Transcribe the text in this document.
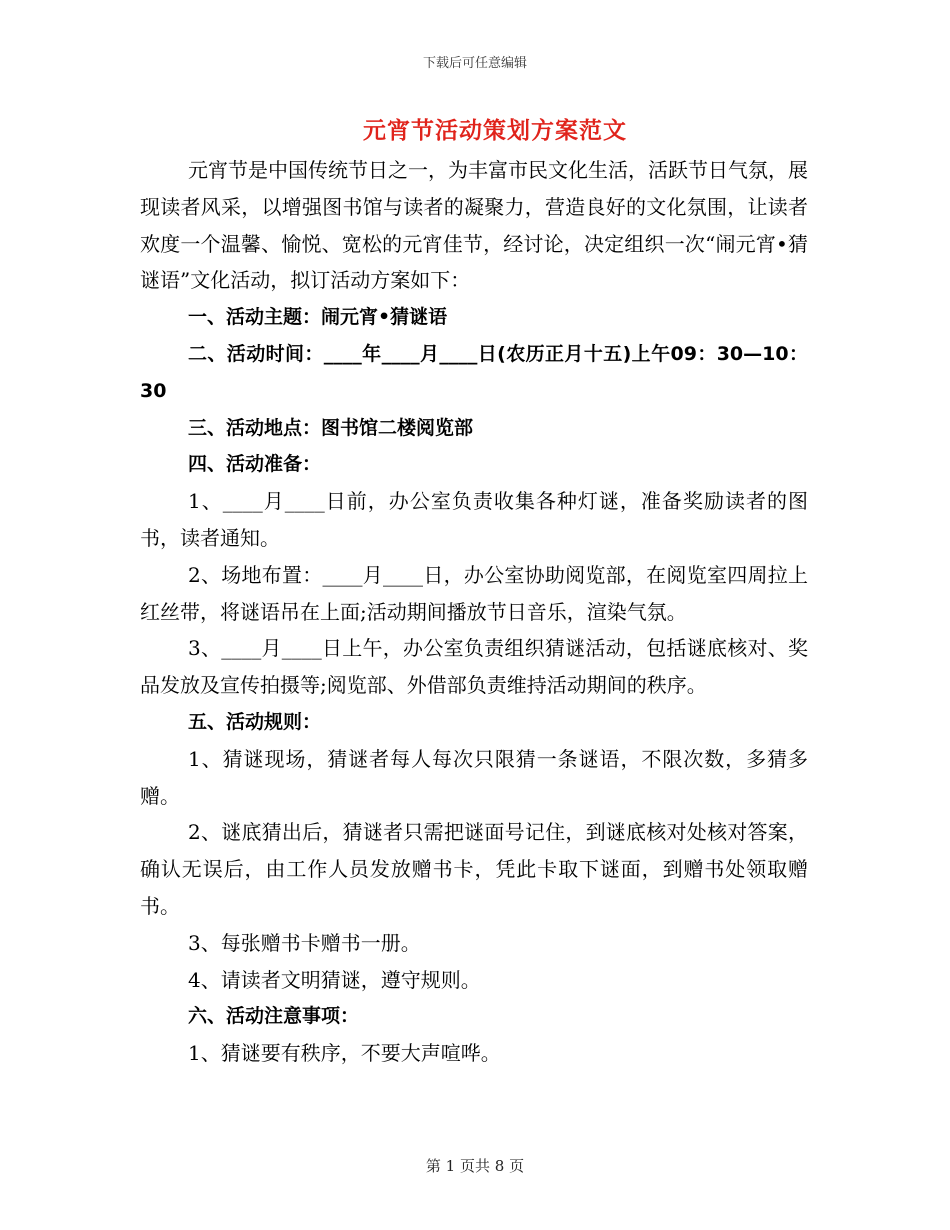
下载后可任意编辑
元宵节活动策划方案范文

元宵节是中国传统节日之一，为丰富市民文化生活，活跃节日气氛，展现读者风采，以增强图书馆与读者的凝聚力，营造良好的文化氛围，让读者欢度一个温馨、愉悦、宽松的元宵佳节，经讨论，决定组织一次“闹元宵•猜谜语”文化活动，拟订活动方案如下：

一、活动主题：闹元宵•猜谜语

二、活动时间：____年____月____日(农历正月十五)上午09：30—10：30

三、活动地点：图书馆二楼阅览部

四、活动准备：

1、____月____日前，办公室负责收集各种灯谜，准备奖励读者的图书，读者通知。

2、场地布置：____月____日，办公室协助阅览部，在阅览室四周拉上红丝带，将谜语吊在上面;活动期间播放节日音乐，渲染气氛。

3、____月____日上午，办公室负责组织猜谜活动，包括谜底核对、奖品发放及宣传拍摄等;阅览部、外借部负责维持活动期间的秩序。

五、活动规则：

1、猜谜现场，猜谜者每人每次只限猜一条谜语，不限次数，多猜多赠。

2、谜底猜出后，猜谜者只需把谜面号记住，到谜底核对处核对答案，确认无误后，由工作人员发放赠书卡，凭此卡取下谜面，到赠书处领取赠书。

3、每张赠书卡赠书一册。

4、请读者文明猜谜，遵守规则。

六、活动注意事项：

1、猜谜要有秩序，不要大声喧哗。

第 1 页共 8 页
